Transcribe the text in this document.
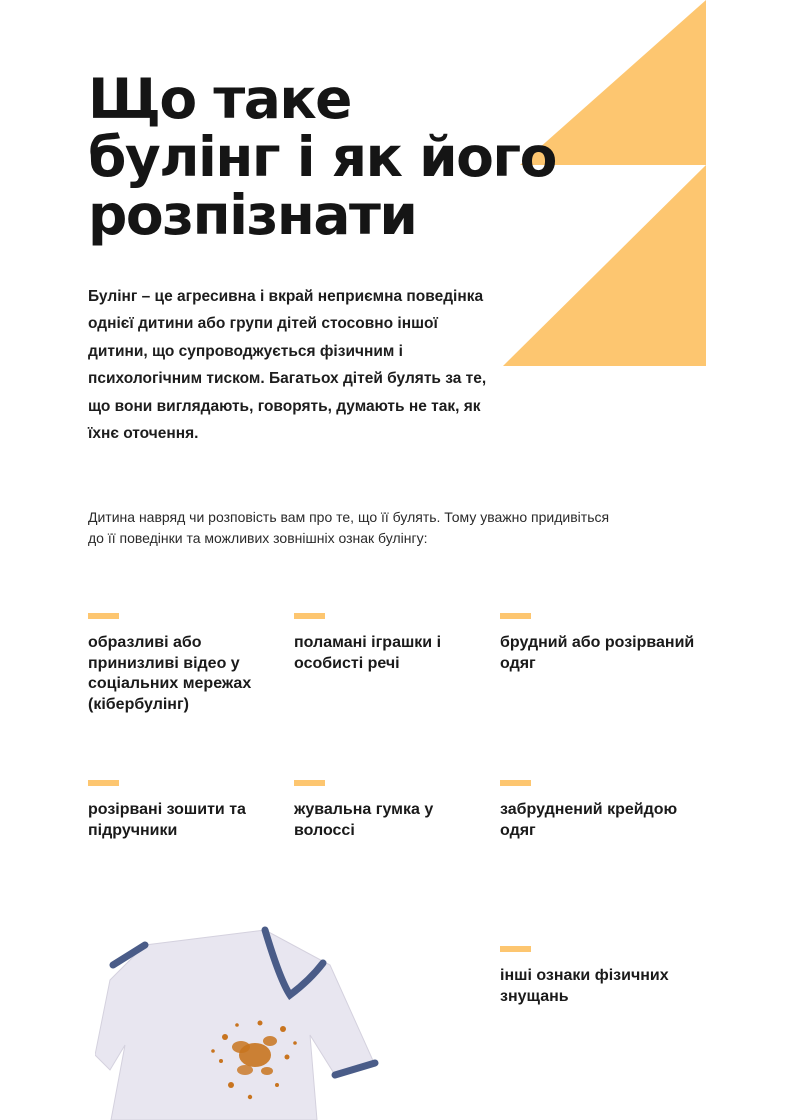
Що таке
булінг і як його
розпізнати

Булінг – це агресивна і вкрай неприємна поведінка
однієї дитини або групи дітей стосовно іншої
дитини, що супроводжується фізичним і
психологічним тиском. Багатьох дітей булять за те,
що вони виглядають, говорять, думають не так, як
їхнє оточення.

Дитина навряд чи розповість вам про те, що її булять. Тому уважно придивіться
до її поведінки та можливих зовнішніх ознак булінгу:

образливі або
принизливі відео у
соціальних мережах
(кібербулінг)
поламані іграшки і
особисті речі
брудний або розірваний
одяг
розірвані зошити та
підручники
жувальна гумка у
волоссі
забруднений крейдою
одяг
інші ознаки фізичних
знущань
